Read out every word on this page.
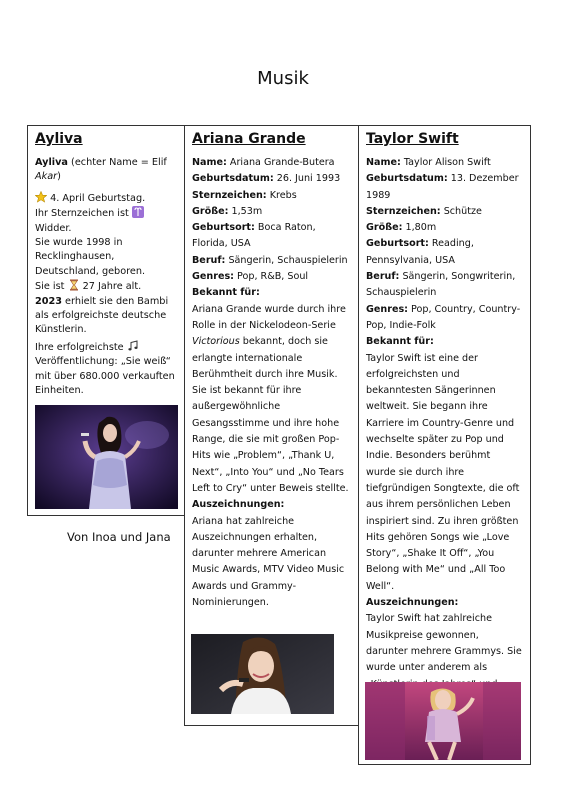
Musik
Ayliva

Ayliva (echter Name = Elif Akar)

4. April Geburtstag.

Ihr Sternzeichen ist  Widder.

Sie wurde 1998 in Recklinghausen, Deutschland, geboren.

Sie ist  27 Jahre alt.

2023 erhielt sie den Bambi als erfolgreichste deutsche Künstlerin.

Ihre erfolgreichste  Veröffentlichung: „Sie weiß“ mit über 680.000 verkauften Einheiten.

Von Inoa und Jana
Ariana Grande

Name: Ariana Grande-Butera

Geburtsdatum: 26. Juni 1993

Sternzeichen: Krebs

Größe: 1,53m

Geburtsort: Boca Raton, Florida, USA

Beruf: Sängerin, Schauspielerin

Genres: Pop, R&B, Soul

Bekannt für:

Ariana Grande wurde durch ihre Rolle in der Nickelodeon-Serie Victorious bekannt, doch sie erlangte internationale Berühmtheit durch ihre Musik. Sie ist bekannt für ihre außergewöhnliche Gesangsstimme und ihre hohe Range, die sie mit großen Pop-Hits wie „Problem“, „Thank U, Next“, „Into You“ und „No Tears Left to Cry“ unter Beweis stellte.

Auszeichnungen:

Ariana hat zahlreiche Auszeichnungen erhalten, darunter mehrere American Music Awards, MTV Video Music Awards und Grammy-Nominierungen.

Taylor Swift

Name: Taylor Alison Swift

Geburtsdatum: 13. Dezember 1989

Sternzeichen: Schütze

Größe: 1,80m

Geburtsort: Reading, Pennsylvania, USA

Beruf: Sängerin, Songwriterin, Schauspielerin

Genres: Pop, Country, Country-Pop, Indie-Folk

Bekannt für:

Taylor Swift ist eine der erfolgreichsten und bekanntesten Sängerinnen weltweit. Sie begann ihre Karriere im Country-Genre und wechselte später zu Pop und Indie. Besonders berühmt wurde sie durch ihre tiefgründigen Songtexte, die oft aus ihrem persönlichen Leben inspiriert sind. Zu ihren größten Hits gehören Songs wie „Love Story“, „Shake It Off“, „You Belong with Me“ und „All Too Well“.

Auszeichnungen:

Taylor Swift hat zahlreiche Musikpreise gewonnen, darunter mehrere Grammys. Sie wurde unter anderem als
